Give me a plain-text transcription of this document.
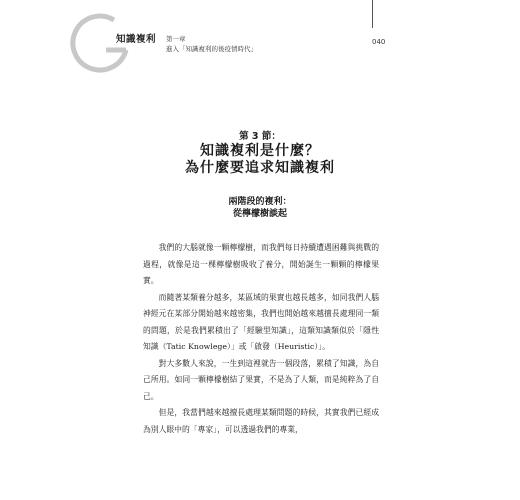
知識複利 第一章
進入「知識複利的後疫情時代」
040
第 3 節：
知識複利是什麼？
為什麼要追求知識複利
兩階段的複利：
從檸檬樹談起

我們的大腦就像一顆檸檬樹，而我們每日持續遭遇困難與挑戰的過程，就像是這一棵檸檬樹吸收了養分，開始誕生一顆顆的檸檬果實。

而隨著某類養分越多，某區域的果實也越長越多，如同我們人腦神經元在某部分開始越來越密集，我們也開始越來越擅長處理同一類的問題，於是我們累積出了「經驗型知識」，這類知識類似於「隱性知識（Tatic Knowlege）」或「啟發（Heuristic）」。

對大多數人來說，一生到這裡就告一個段落，累積了知識，為自己所用。如同一顆檸檬樹結了果實，不是為了人類，而是純粹為了自己。

但是，我當們越來越擅長處理某類問題的時候，其實我們已經成為別人眼中的「專家」，可以透過我們的專業，
